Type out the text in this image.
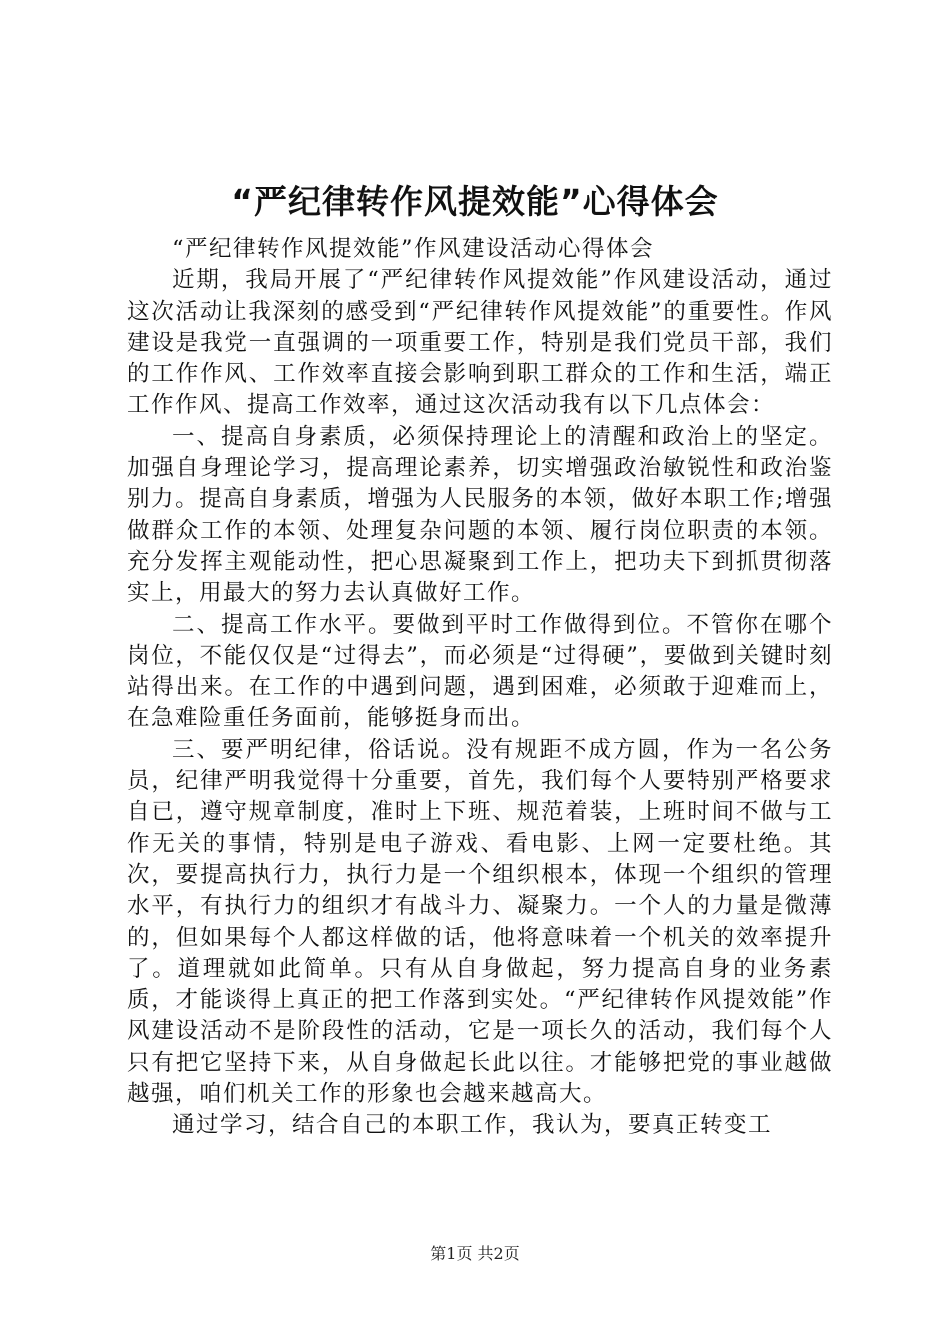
“严纪律转作风提效能”心得体会

“严纪律转作风提效能”作风建设活动心得体会

近期，我局开展了“严纪律转作风提效能”作风建设活动，通过这次活动让我深刻的感受到“严纪律转作风提效能”的重要性。作风建设是我党一直强调的一项重要工作，特别是我们党员干部，我们的工作作风、工作效率直接会影响到职工群众的工作和生活，端正工作作风、提高工作效率，通过这次活动我有以下几点体会：

一、提高自身素质，必须保持理论上的清醒和政治上的坚定。加强自身理论学习，提高理论素养，切实增强政治敏锐性和政治鉴别力。提高自身素质，增强为人民服务的本领，做好本职工作;增强做群众工作的本领、处理复杂问题的本领、履行岗位职责的本领。充分发挥主观能动性，把心思凝聚到工作上，把功夫下到抓贯彻落实上，用最大的努力去认真做好工作。

二、提高工作水平。要做到平时工作做得到位。不管你在哪个岗位，不能仅仅是“过得去”，而必须是“过得硬”，要做到关键时刻站得出来。在工作的中遇到问题，遇到困难，必须敢于迎难而上，在急难险重任务面前，能够挺身而出。

三、要严明纪律，俗话说。没有规距不成方圆，作为一名公务员，纪律严明我觉得十分重要，首先，我们每个人要特别严格要求自已，遵守规章制度，准时上下班、规范着装，上班时间不做与工作无关的事情，特别是电子游戏、看电影、上网一定要杜绝。其次，要提高执行力，执行力是一个组织根本，体现一个组织的管理水平，有执行力的组织才有战斗力、凝聚力。一个人的力量是微薄的，但如果每个人都这样做的话，他将意味着一个机关的效率提升了。道理就如此简单。只有从自身做起，努力提高自身的业务素质，才能谈得上真正的把工作落到实处。“严纪律转作风提效能”作风建设活动不是阶段性的活动，它是一项长久的活动，我们每个人只有把它坚持下来，从自身做起长此以往。才能够把党的事业越做越强，咱们机关工作的形象也会越来越高大。

通过学习，结合自己的本职工作，我认为，要真正转变工

第1页 共2页
